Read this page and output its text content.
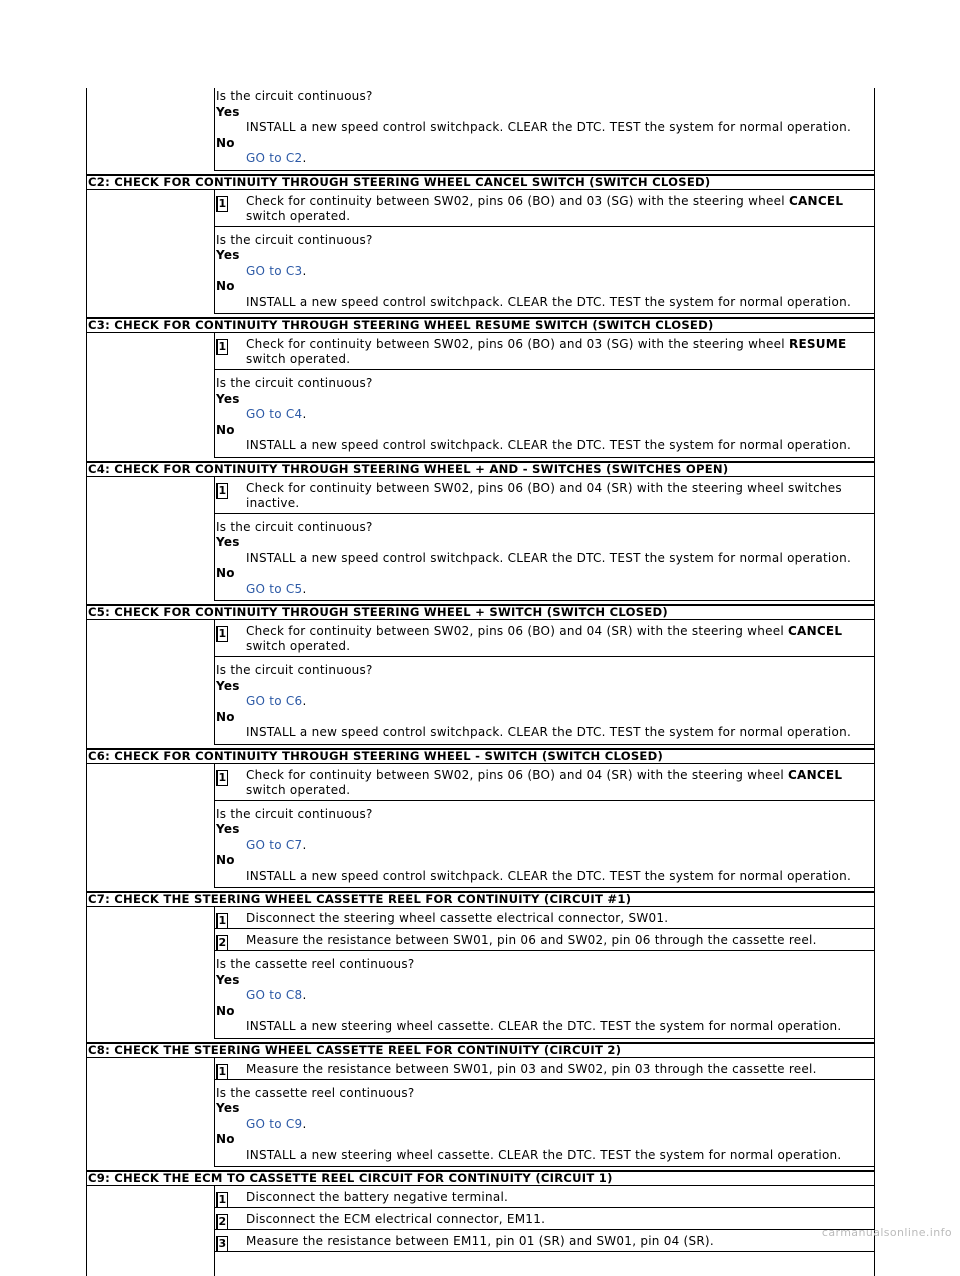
Is the circuit continuous?
Yes
INSTALL a new speed control switchpack. CLEAR the DTC. TEST the system for normal operation.
No
GO to C2.
C2: CHECK FOR CONTINUITY THROUGH STEERING WHEEL CANCEL SWITCH (SWITCH CLOSED)
1 Check for continuity between SW02, pins 06 (BO) and 03 (SG) with the steering wheel CANCEL switch operated.
Is the circuit continuous?
Yes
GO to C3.
No
INSTALL a new speed control switchpack. CLEAR the DTC. TEST the system for normal operation.
C3: CHECK FOR CONTINUITY THROUGH STEERING WHEEL RESUME SWITCH (SWITCH CLOSED)
1 Check for continuity between SW02, pins 06 (BO) and 03 (SG) with the steering wheel RESUME switch operated.
Is the circuit continuous?
Yes
GO to C4.
No
INSTALL a new speed control switchpack. CLEAR the DTC. TEST the system for normal operation.
C4: CHECK FOR CONTINUITY THROUGH STEERING WHEEL + AND - SWITCHES (SWITCHES OPEN)
1 Check for continuity between SW02, pins 06 (BO) and 04 (SR) with the steering wheel switches inactive.
Is the circuit continuous?
Yes
INSTALL a new speed control switchpack. CLEAR the DTC. TEST the system for normal operation.
No
GO to C5.
C5: CHECK FOR CONTINUITY THROUGH STEERING WHEEL + SWITCH (SWITCH CLOSED)
1 Check for continuity between SW02, pins 06 (BO) and 04 (SR) with the steering wheel CANCEL switch operated.
Is the circuit continuous?
Yes
GO to C6.
No
INSTALL a new speed control switchpack. CLEAR the DTC. TEST the system for normal operation.
C6: CHECK FOR CONTINUITY THROUGH STEERING WHEEL - SWITCH (SWITCH CLOSED)
1 Check for continuity between SW02, pins 06 (BO) and 04 (SR) with the steering wheel CANCEL switch operated.
Is the circuit continuous?
Yes
GO to C7.
No
INSTALL a new speed control switchpack. CLEAR the DTC. TEST the system for normal operation.
C7: CHECK THE STEERING WHEEL CASSETTE REEL FOR CONTINUITY (CIRCUIT #1)
1 Disconnect the steering wheel cassette electrical connector, SW01.
2 Measure the resistance between SW01, pin 06 and SW02, pin 06 through the cassette reel.
Is the cassette reel continuous?
Yes
GO to C8.
No
INSTALL a new steering wheel cassette. CLEAR the DTC. TEST the system for normal operation.
C8: CHECK THE STEERING WHEEL CASSETTE REEL FOR CONTINUITY (CIRCUIT 2)
1 Measure the resistance between SW01, pin 03 and SW02, pin 03 through the cassette reel.
Is the cassette reel continuous?
Yes
GO to C9.
No
INSTALL a new steering wheel cassette. CLEAR the DTC. TEST the system for normal operation.
C9: CHECK THE ECM TO CASSETTE REEL CIRCUIT FOR CONTINUITY (CIRCUIT 1)
1 Disconnect the battery negative terminal.
2 Disconnect the ECM electrical connector, EM11.
3 Measure the resistance between EM11, pin 01 (SR) and SW01, pin 04 (SR).
carmanualsonline.info
